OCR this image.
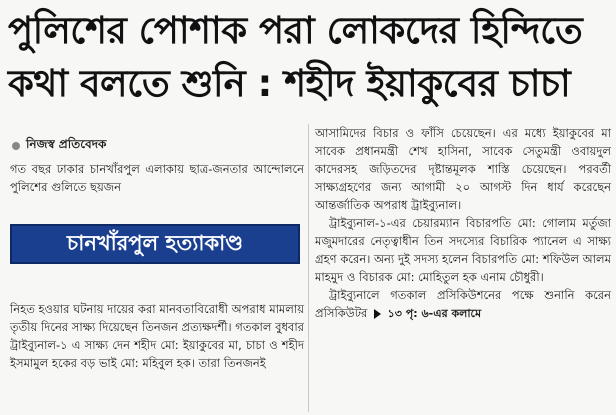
পুলিশের পোশাক পরা লোকদের হিন্দিতে
কথা বলতে শুনি : শহীদ ইয়াকুবের চাচা
নিজস্ব প্রতিবেদক

গত বছর ঢাকার চানখাঁরপুল এলাকায় ছাত্র-জনতার আন্দোলনে পুলিশের গুলিতে ছয়জন

চানখাঁরপুল হত্যাকাণ্ড

নিহত হওয়ার ঘটনায় দায়ের করা মানবতাবিরোধী অপরাধ মামলায় তৃতীয় দিনের সাক্ষ্য দিয়েছেন তিনজন প্রত্যক্ষদর্শী। গতকাল বুধবার ট্রাইব্যুনাল-১ এ সাক্ষ্য দেন শহীদ মো: ইয়াকুবের মা, চাচা ও শহীদ ইসমামুল হকের বড় ভাই মো: মহিবুল হক। তারা তিনজনই

আসামিদের বিচার ও ফাঁসি চেয়েছেন। এর মধ্যে ইয়াকুবের মা সাবেক প্রধানমন্ত্রী শেখ হাসিনা, সাবেক সেতুমন্ত্রী ওবায়দুল কাদেরসহ জড়িতদের দৃষ্টান্তমূলক শাস্তি চেয়েছেন। পরবর্তী সাক্ষ্যগ্রহণের জন্য আগামী ২০ আগস্ট দিন ধার্য করেছেন আন্তর্জাতিক অপরাধ ট্রাইব্যুনাল।

ট্রাইব্যুনাল-১-এর চেয়ারম্যান বিচারপতি মো: গোলাম মর্তুজা মজুমদারের নেতৃত্বাধীন তিন সদস্যের বিচারিক প্যানেল এ সাক্ষ্য গ্রহণ করেন। অন্য দুই সদস্য হলেন বিচারপতি মো: শফিউল আলম মাহমুদ ও বিচারক মো: মোহিতুল হক এনাম চৌধুরী।

ট্রাইব্যুনালে গতকাল প্রসিকিউশনের পক্ষে শুনানি করেন প্রসিকিউটর ১৩ পৃ: ৬-এর কলামে
